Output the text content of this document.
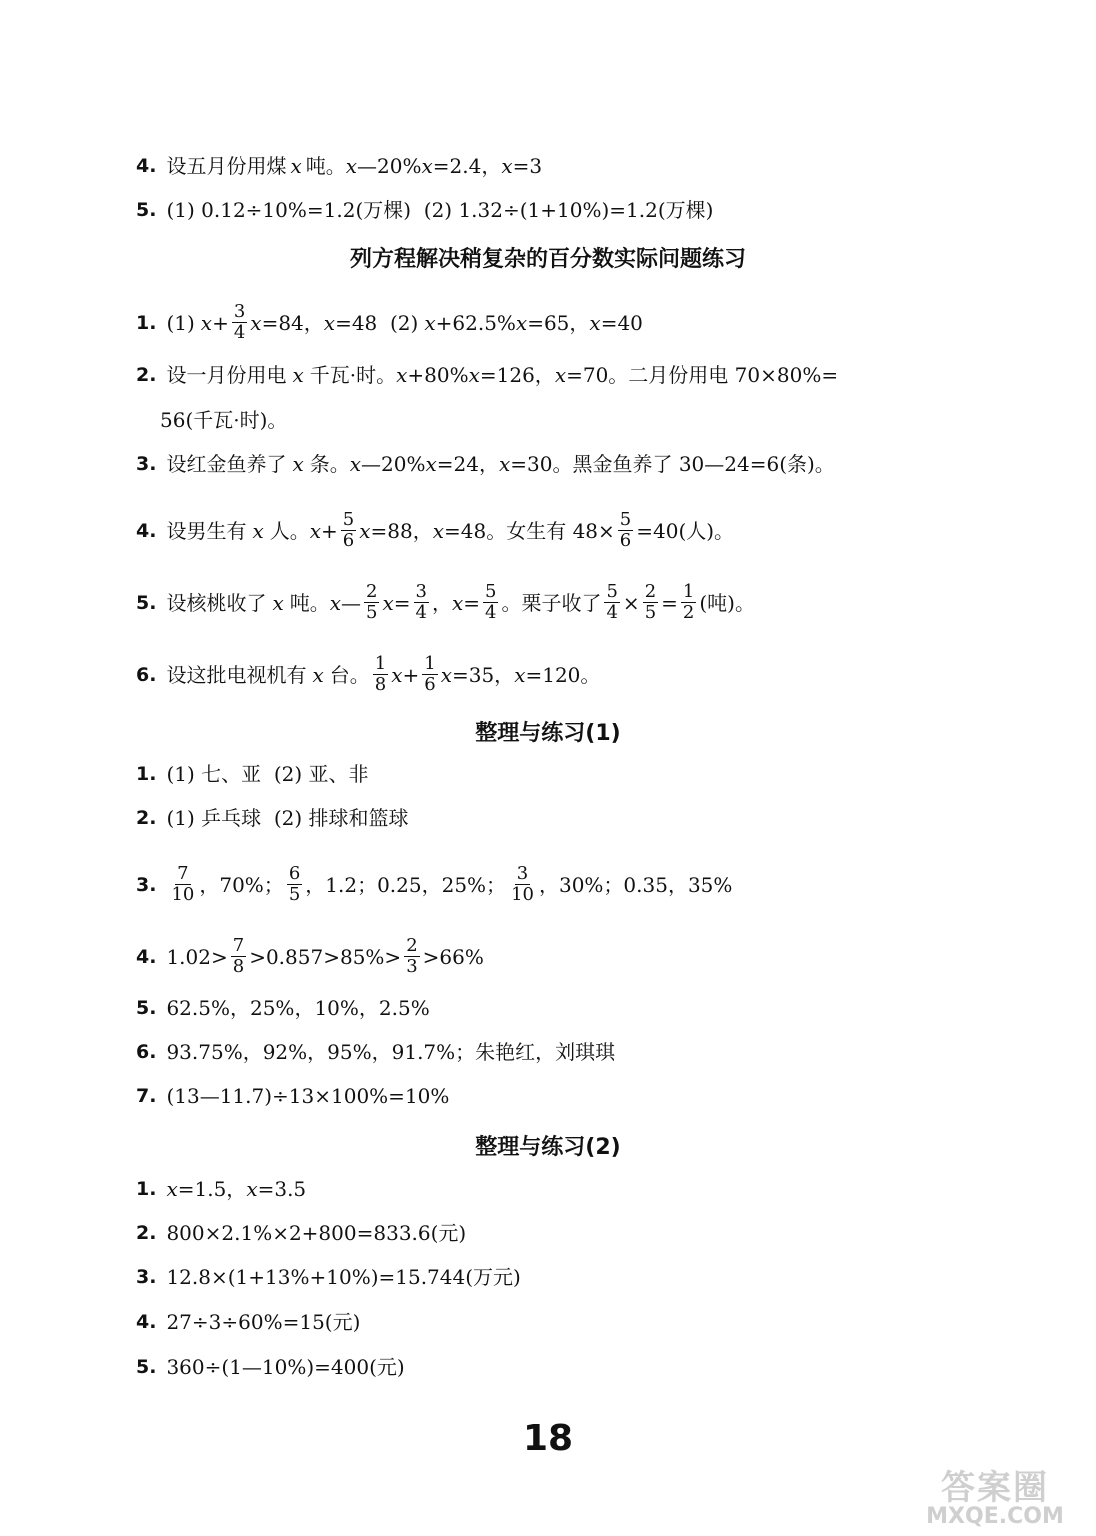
4. 设五月份用煤 x 吨。 x —20% x =2.4， x =3
5. (1) 0.12÷10%=1.2(万棵)  (2) 1.32÷(1+10%)=1.2(万棵)
列方程解决稍复杂的百分数实际问题练习
1. (1) $x + \frac{3}{4}$ x =84， x =48  (2) x +62.5% x =65， x =40
2. 设一月份用电 x 千瓦·时。 x +80% x =126， x =70。二月份用电 70×80%=
56(千瓦·时)。
3. 设红金鱼养了 x 条。 x —20% x =24， x =30。黑金鱼养了 30—24=6(条)。
4. 设男生有 x 人。 $x + \frac{5}{6}$ x =88， x =48。女生有 $48\times \frac{5}{6} =40$(人)。
5. 设核桃收了 x 吨。 x — $\frac{2}{5}$ $x = \frac{3}{4}$ ， $x = \frac{5}{4}$ 。栗子收了 $\frac{5}{4} \times \frac{2}{5} = \frac{1}{2}$ (吨)。
6. 设这批电视机有 x 台。 $\frac{1}{8}$ $x + \frac{1}{6}$ x =35， x =120。
整理与练习(1)
1. (1) 七、亚  (2) 亚、非
2. (1) 乒乓球  (2) 排球和篮球
3. $\frac{7}{10}$ ，70%； $\frac{6}{5}$ ，1.2；0.25，25%； $\frac{3}{10}$ ，30%；0.35，35%
4. $1.02> \frac{7}{8} >0.857>85\%> \frac{2}{3} >66\%$
5. 62.5%，25%，10%，2.5%
6. 93.75%，92%，95%，91.7%；朱艳红，刘琪琪
7. (13—11.7)÷13×100%=10%
整理与练习(2)
1. x =1.5， x =3.5
2. 800×2.1%×2+800=833.6(元)
3. 12.8×(1+13%+10%)=15.744(万元)
4. 27÷3÷60%=15(元)
5. 360÷(1—10%)=400(元)
18
答案圈
MXQE.COM
